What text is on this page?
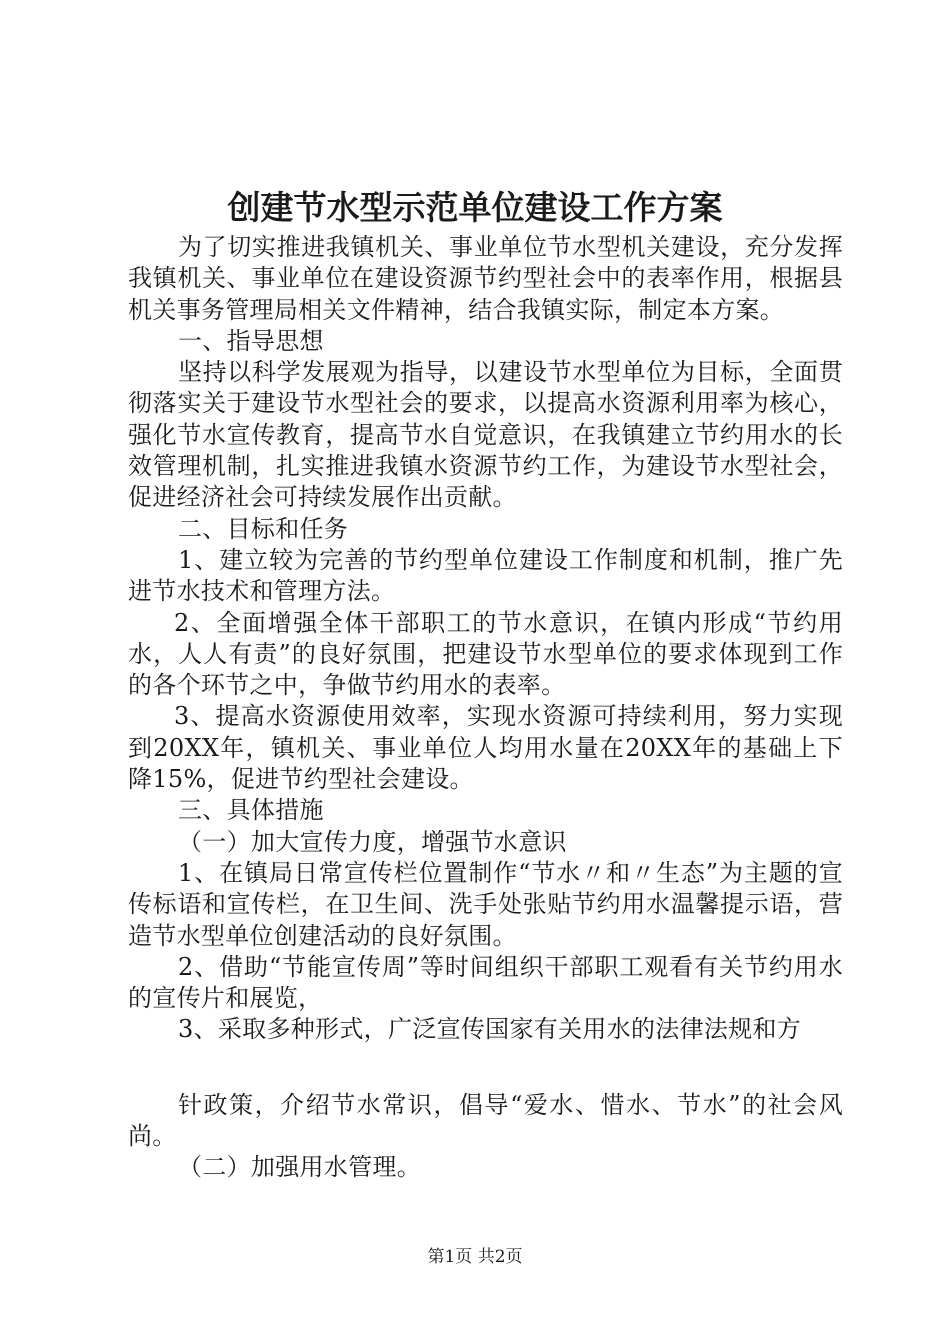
创建节水型示范单位建设工作方案

为了切实推进我镇机关、事业单位节水型机关建设，充分发挥我镇机关、事业单位在建设资源节约型社会中的表率作用，根据县机关事务管理局相关文件精神，结合我镇实际，制定本方案。

一、指导思想

坚持以科学发展观为指导，以建设节水型单位为目标，全面贯彻落实关于建设节水型社会的要求，以提高水资源利用率为核心，强化节水宣传教育，提高节水自觉意识，在我镇建立节约用水的长效管理机制，扎实推进我镇水资源节约工作，为建设节水型社会，促进经济社会可持续发展作出贡献。

二、目标和任务

1、建立较为完善的节约型单位建设工作制度和机制，推广先进节水技术和管理方法。

2、全面增强全体干部职工的节水意识，在镇内形成“节约用水，人人有责”的良好氛围，把建设节水型单位的要求体现到工作的各个环节之中，争做节约用水的表率。

3、提高水资源使用效率，实现水资源可持续利用，努力实现到20XX年，镇机关、事业单位人均用水量在20XX年的基础上下降15%，促进节约型社会建设。

三、具体措施

（一）加大宣传力度，增强节水意识

1、在镇局日常宣传栏位置制作“节水〃和〃生态”为主题的宣传标语和宣传栏，在卫生间、洗手处张贴节约用水温馨提示语，营造节水型单位创建活动的良好氛围。

2、借助“节能宣传周”等时间组织干部职工观看有关节约用水的宣传片和展览，

3、采取多种形式，广泛宣传国家有关用水的法律法规和方

针政策，介绍节水常识，倡导“爱水、惜水、节水”的社会风尚。

（二）加强用水管理。

第1页 共2页
